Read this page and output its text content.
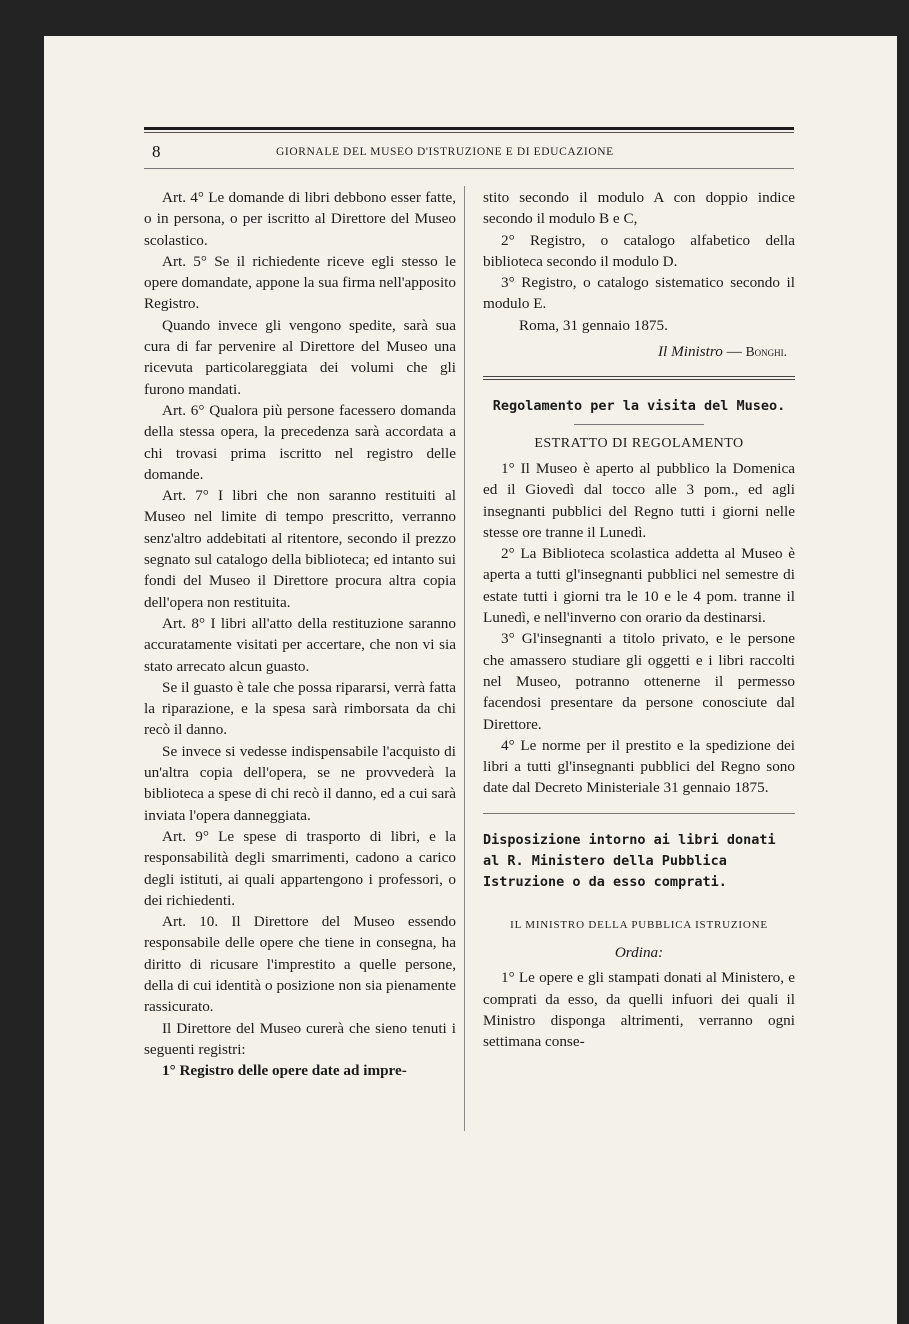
8	GIORNALE DEL MUSEO D'ISTRUZIONE E DI EDUCAZIONE

Art. 4° Le domande di libri debbono esser fatte, o in persona, o per iscritto al Direttore del Museo scolastico.

Art. 5° Se il richiedente riceve egli stesso le opere domandate, appone la sua firma nell'apposito Registro.

Quando invece gli vengono spedite, sarà sua cura di far pervenire al Direttore del Museo una ricevuta particolareggiata dei volumi che gli furono mandati.

Art. 6° Qualora più persone facessero domanda della stessa opera, la precedenza sarà accordata a chi trovasi prima iscritto nel registro delle domande.

Art. 7° I libri che non saranno restituiti al Museo nel limite di tempo prescritto, verranno senz'altro addebitati al ritentore, secondo il prezzo segnato sul catalogo della biblioteca; ed intanto sui fondi del Museo il Direttore procura altra copia dell'opera non restituita.

Art. 8° I libri all'atto della restituzione saranno accuratamente visitati per accertare, che non vi sia stato arrecato alcun guasto.

Se il guasto è tale che possa ripararsi, verrà fatta la riparazione, e la spesa sarà rimborsata da chi recò il danno.

Se invece si vedesse indispensabile l'acquisto di un'altra copia dell'opera, se ne provvederà la biblioteca a spese di chi recò il danno, ed a cui sarà inviata l'opera danneggiata.

Art. 9° Le spese di trasporto di libri, e la responsabilità degli smarrimenti, cadono a carico degli istituti, ai quali appartengono i professori, o dei richiedenti.

Art. 10. Il Direttore del Museo essendo responsabile delle opere che tiene in consegna, ha diritto di ricusare l'imprestito a quelle persone, della di cui identità o posizione non sia pienamente rassicurato.

Il Direttore del Museo curerà che sieno tenuti i seguenti registri:

1° Registro delle opere date ad impre-

stito secondo il modulo A con doppio indice secondo il modulo B e C,

2° Registro, o catalogo alfabetico della biblioteca secondo il modulo D.

3° Registro, o catalogo sistematico secondo il modulo E.

Roma, 31 gennaio 1875.

Il Ministro — Bonghi.
Regolamento per la visita del Museo.
ESTRATTO DI REGOLAMENTO

1° Il Museo è aperto al pubblico la Domenica ed il Giovedì dal tocco alle 3 pom., ed agli insegnanti pubblici del Regno tutti i giorni nelle stesse ore tranne il Lunedì.

2° La Biblioteca scolastica addetta al Museo è aperta a tutti gl'insegnanti pubblici nel semestre di estate tutti i giorni tra le 10 e le 4 pom. tranne il Lunedì, e nell'inverno con orario da destinarsi.

3° Gl'insegnanti a titolo privato, e le persone che amassero studiare gli oggetti e i libri raccolti nel Museo, potranno ottenerne il permesso facendosi presentare da persone conosciute dal Direttore.

4° Le norme per il prestito e la spedizione dei libri a tutti gl'insegnanti pubblici del Regno sono date dal Decreto Ministeriale 31 gennaio 1875.

Disposizione intorno ai libri donati al R. Ministero della Pubblica Istruzione o da esso comprati.
IL MINISTRO DELLA PUBBLICA ISTRUZIONE
Ordina:

1° Le opere e gli stampati donati al Ministero, e comprati da esso, da quelli infuori dei quali il Ministro disponga altrimenti, verranno ogni settimana conse-
